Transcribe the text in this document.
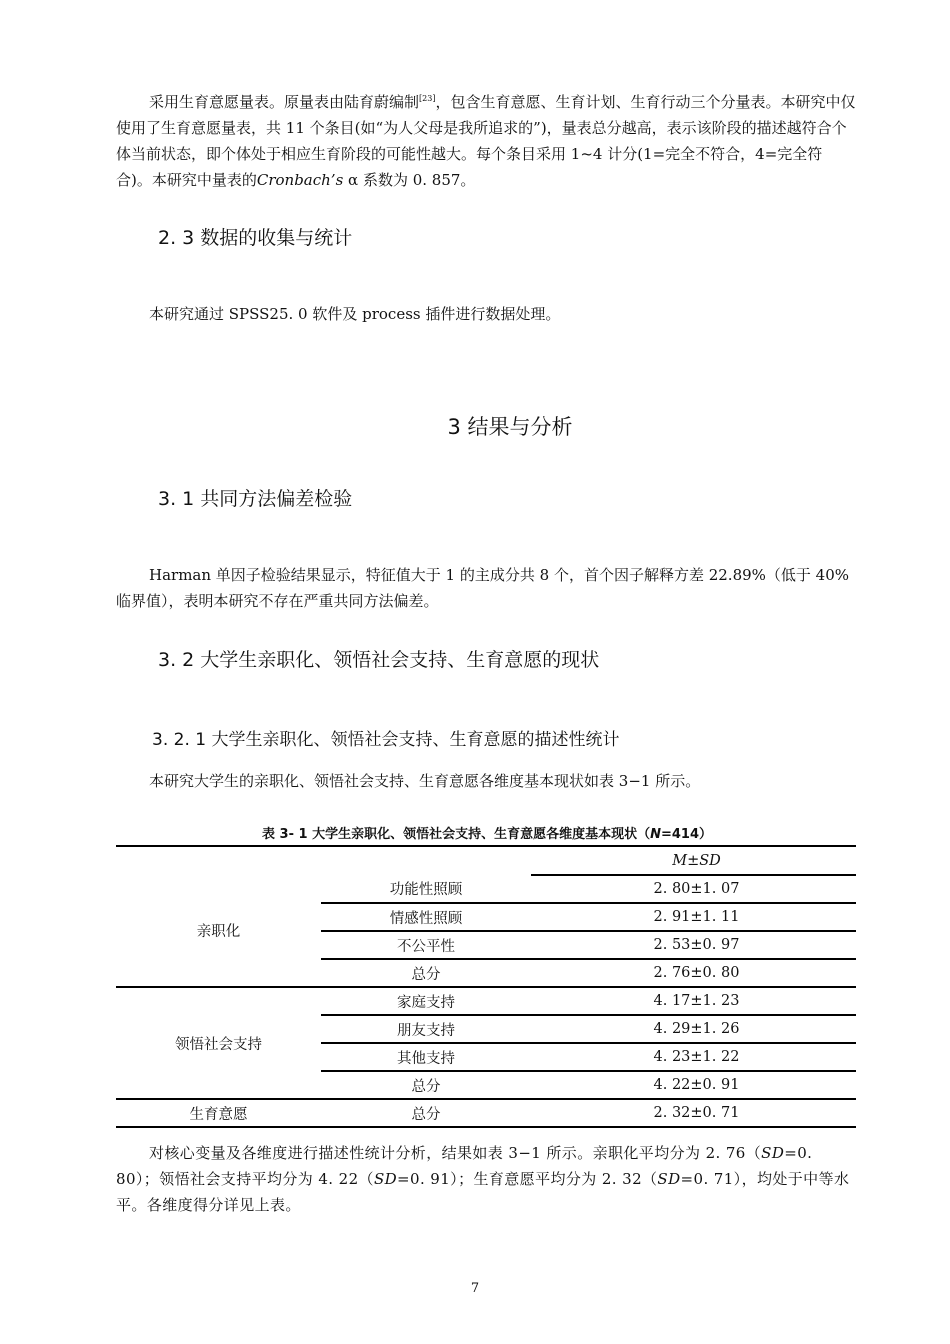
采用生育意愿量表。原量表由陆育蔚编制[23]，包含生育意愿、生育计划、生育行动三个分量表。本研究中仅使用了生育意愿量表，共 11 个条目(如“为人父母是我所追求的”)，量表总分越高，表示该阶段的描述越符合个体当前状态，即个体处于相应生育阶段的可能性越大。每个条目采用 1~4 计分(1=完全不符合，4=完全符合)。本研究中量表的Cronbach’s α 系数为 0. 857。

2. 3 数据的收集与统计

本研究通过 SPSS25. 0 软件及 process 插件进行数据处理。

3 结果与分析
3. 1 共同方法偏差检验

Harman 单因子检验结果显示，特征值大于 1 的主成分共 8 个，首个因子解释方差 22.89%（低于 40%临界值），表明本研究不存在严重共同方法偏差。

3. 2 大学生亲职化、领悟社会支持、生育意愿的现状
3. 2. 1 大学生亲职化、领悟社会支持、生育意愿的描述性统计

本研究大学生的亲职化、领悟社会支持、生育意愿各维度基本现状如表 3−1 所示。

表 3- 1 大学生亲职化、领悟社会支持、生育意愿各维度基本现状（N=414）
		M±SD
亲职化	功能性照顾	2. 80±1. 07
	情感性照顾	2. 91±1. 11
	不公平性	2. 53±0. 97
	总分	2. 76±0. 80
领悟社会支持	家庭支持	4. 17±1. 23
	朋友支持	4. 29±1. 26
	其他支持	4. 23±1. 22
	总分	4. 22±0. 91
生育意愿	总分	2. 32±0. 71

对核心变量及各维度进行描述性统计分析，结果如表 3−1 所示。亲职化平均分为 2. 76（SD=0. 80）；领悟社会支持平均分为 4. 22（SD=0. 91）；生育意愿平均分为 2. 32（SD=0. 71），均处于中等水平。各维度得分详见上表。

7
